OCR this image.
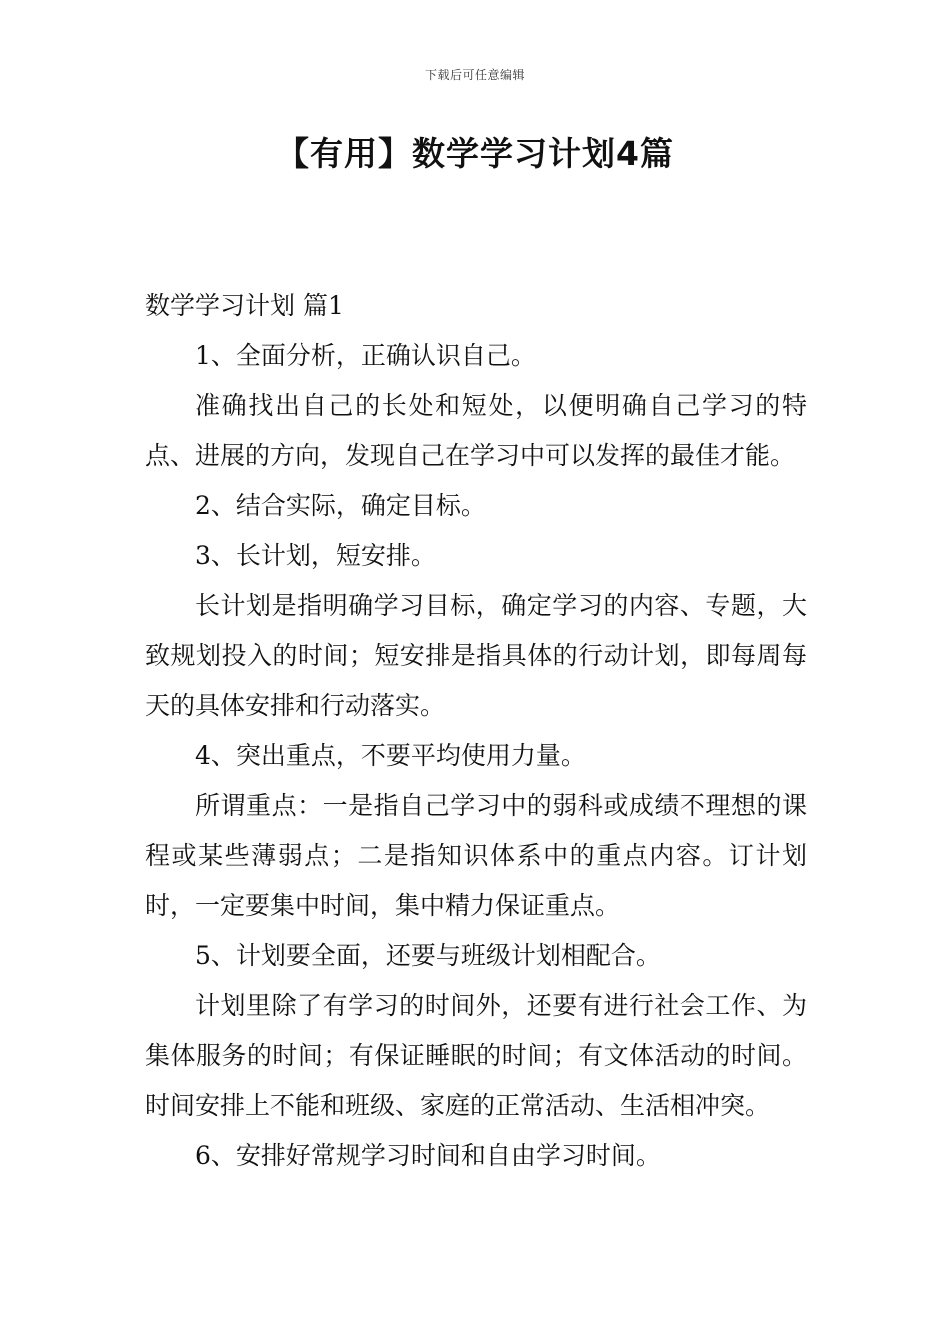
下载后可任意编辑
【有用】数学学习计划4篇

数学学习计划 篇1

1、全面分析，正确认识自己。

准确找出自己的长处和短处，以便明确自己学习的特点、进展的方向，发现自己在学习中可以发挥的最佳才能。

2、结合实际，确定目标。

3、长计划，短安排。

长计划是指明确学习目标，确定学习的内容、专题，大致规划投入的时间；短安排是指具体的行动计划，即每周每天的具体安排和行动落实。

4、突出重点，不要平均使用力量。

所谓重点：一是指自己学习中的弱科或成绩不理想的课程或某些薄弱点；二是指知识体系中的重点内容。订计划时，一定要集中时间，集中精力保证重点。

5、计划要全面，还要与班级计划相配合。

计划里除了有学习的时间外，还要有进行社会工作、为集体服务的时间；有保证睡眠的时间；有文体活动的时间。时间安排上不能和班级、家庭的正常活动、生活相冲突。

6、安排好常规学习时间和自由学习时间。
